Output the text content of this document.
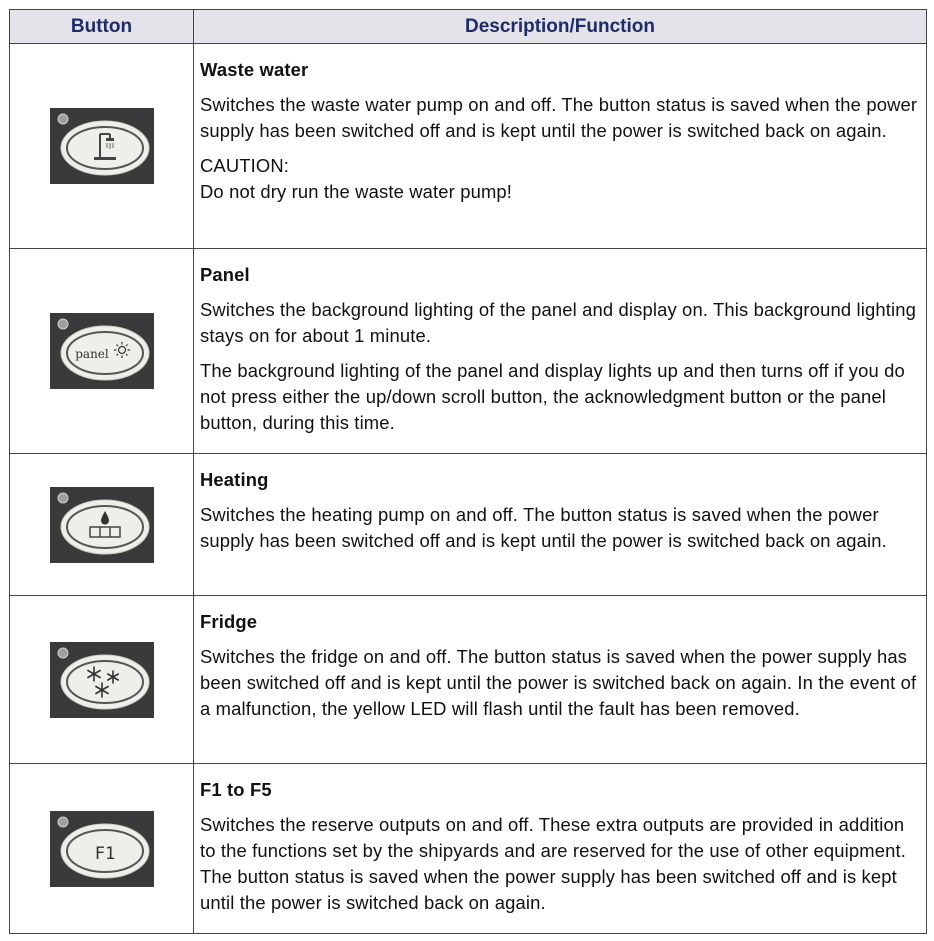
Button	Description/Function

Waste water
Switches the waste water pump on and off. The button status is saved when the power supply has been switched off and is kept until the power is switched back on again.
CAUTION:
Do not dry run the waste water pump!

panel	Panel
Switches the background lighting of the panel and display on. This background lighting stays on for about 1 minute.
The background lighting of the panel and display lights up and then turns off if you do not press either the up/down scroll button, the acknowledgment button or the panel button, during this time.

Heating
Switches the heating pump on and off. The button status is saved when the power supply has been switched off and is kept until the power is switched back on again.

Fridge
Switches the fridge on and off. The button status is saved when the power supply has been switched off and is kept until the power is switched back on again. In the event of a malfunction, the yellow LED will flash until the fault has been removed.

F1	F1 to F5
Switches the reserve outputs on and off. These extra outputs are provided in addition to the functions set by the shipyards and are reserved for the use of other equipment. The button status is saved when the power supply has been switched off and is kept until the power is switched back on again.
